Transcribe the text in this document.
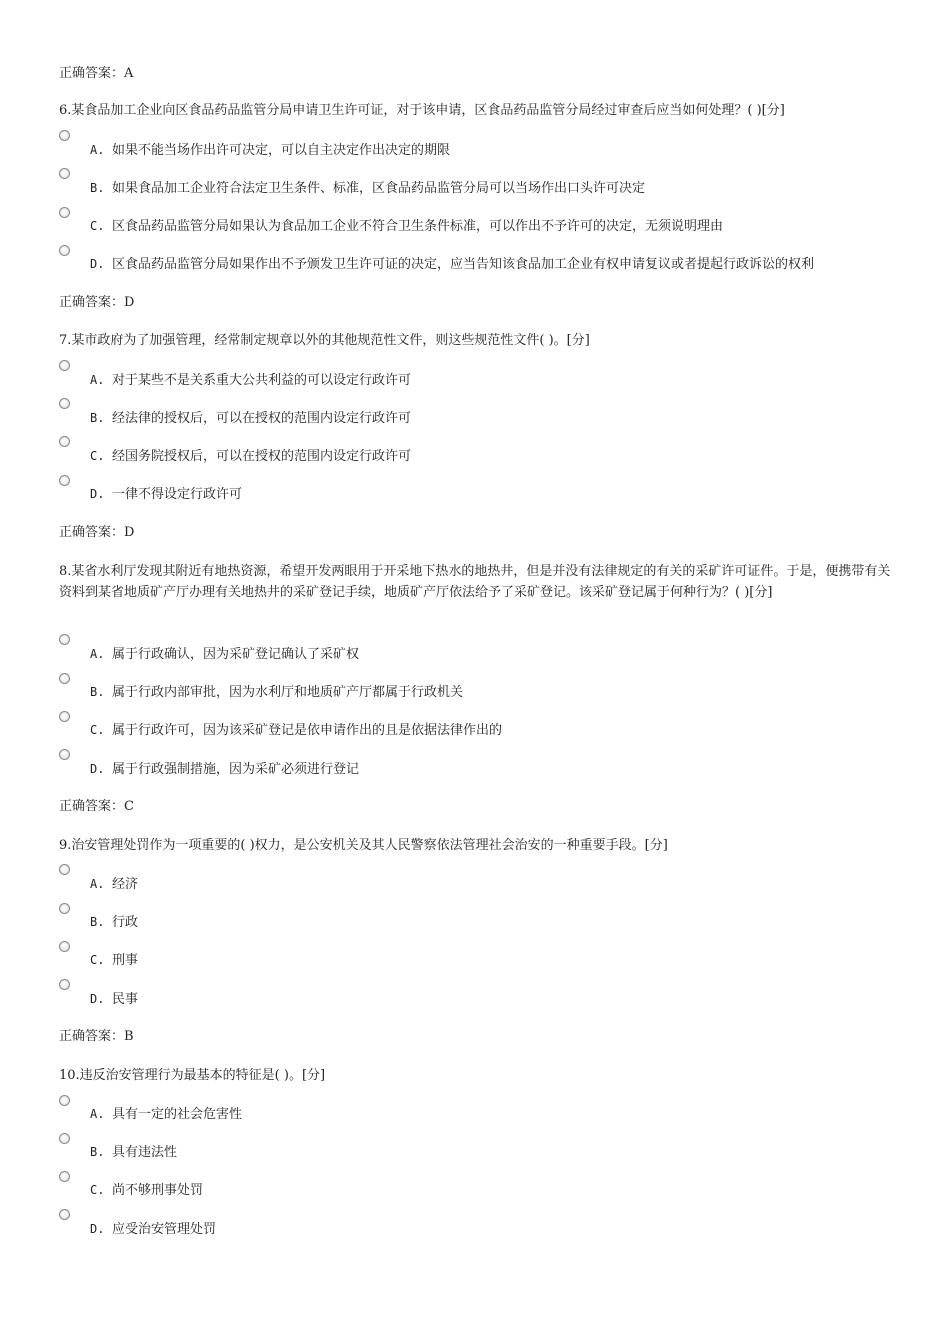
正确答案：A
6.某食品加工企业向区食品药品监管分局申请卫生许可证，对于该申请，区食品药品监管分局经过审查后应当如何处理？( )[分]
A. 如果不能当场作出许可决定，可以自主决定作出决定的期限
B. 如果食品加工企业符合法定卫生条件、标准，区食品药品监管分局可以当场作出口头许可决定
C. 区食品药品监管分局如果认为食品加工企业不符合卫生条件标准，可以作出不予许可的决定，无须说明理由
D. 区食品药品监管分局如果作出不予颁发卫生许可证的决定，应当告知该食品加工企业有权申请复议或者提起行政诉讼的权利
正确答案：D
7.某市政府为了加强管理，经常制定规章以外的其他规范性文件，则这些规范性文件( )。[分]
A. 对于某些不是关系重大公共利益的可以设定行政许可
B. 经法律的授权后，可以在授权的范围内设定行政许可
C. 经国务院授权后，可以在授权的范围内设定行政许可
D. 一律不得设定行政许可
正确答案：D
8.某省水利厅发现其附近有地热资源，希望开发两眼用于开采地下热水的地热井，但是并没有法律规定的有关的采矿许可证件。于是，便携带有关资料到某省地质矿产厅办理有关地热井的采矿登记手续，地质矿产厅依法给予了采矿登记。该采矿登记属于何种行为？( )[分]
A. 属于行政确认，因为采矿登记确认了采矿权
B. 属于行政内部审批，因为水利厅和地质矿产厅都属于行政机关
C. 属于行政许可，因为该采矿登记是依申请作出的且是依据法律作出的
D. 属于行政强制措施，因为采矿必须进行登记
正确答案：C
9.治安管理处罚作为一项重要的( )权力，是公安机关及其人民警察依法管理社会治安的一种重要手段。[分]
A. 经济
B. 行政
C. 刑事
D. 民事
正确答案：B
10.违反治安管理行为最基本的特征是( )。[分]
A. 具有一定的社会危害性
B. 具有违法性
C. 尚不够刑事处罚
D. 应受治安管理处罚
